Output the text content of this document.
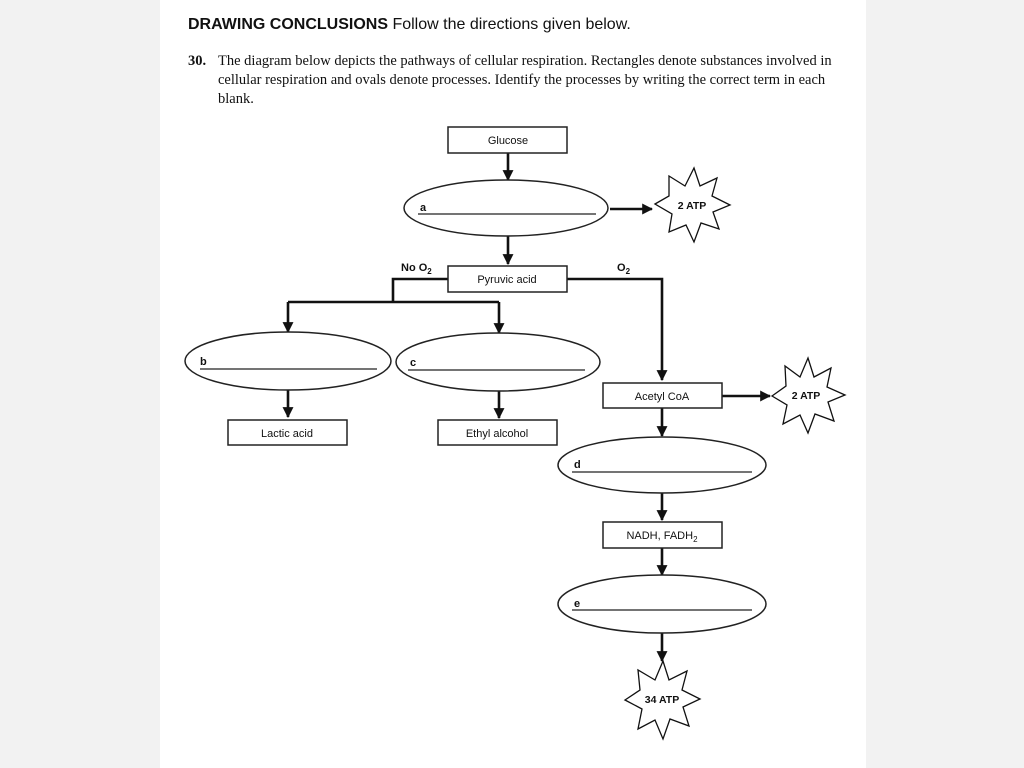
DRAWING CONCLUSIONS Follow the directions given below.
30. The diagram below depicts the pathways of cellular respiration. Rectangles denote substances involved in cellular respiration and ovals denote processes. Identify the processes by writing the correct term in each blank.
Glucose
Pyruvic acid
Lactic acid	Ethyl alcohol
Acetyl CoA
NADH, $FADH_2$
a
b	c
d
e
No $O_2$	$O_2$
2 ATP
2 ATP
34 ATP
